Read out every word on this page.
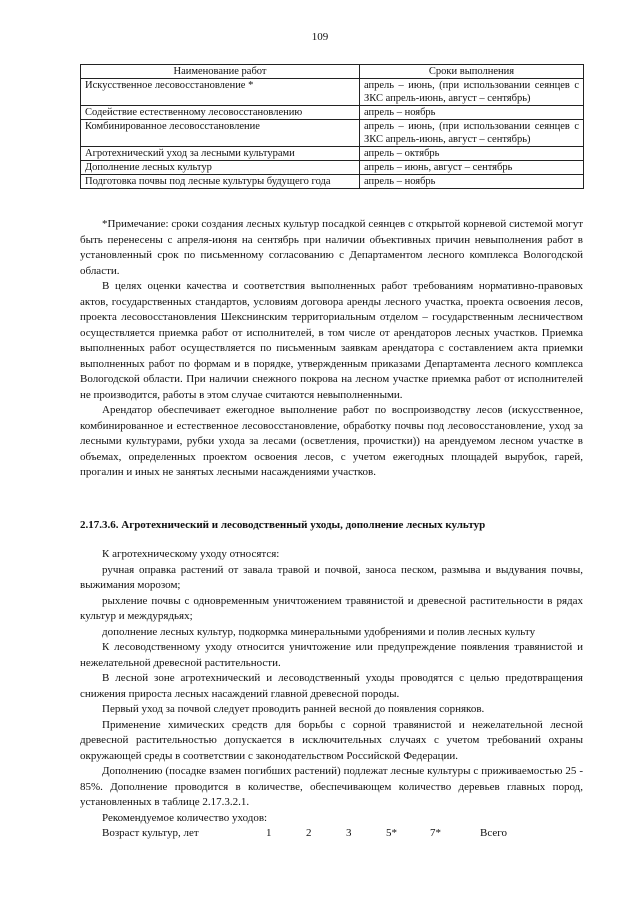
109
Наименование работ	Сроки выполнения
Искусственное лесовосстановление *	апрель – июнь, (при использовании сеянцев с ЗКС апрель-июнь, август – сентябрь)
Содействие естественному лесовосстановлению	апрель – ноябрь
Комбинированное лесовосстановление	апрель – июнь, (при использовании сеянцев с ЗКС апрель-июнь, август – сентябрь)
Агротехнический уход за лесными культурами	апрель – октябрь
Дополнение лесных культур	апрель – июнь, август – сентябрь
Подготовка почвы под лесные культуры будущего года	апрель – ноябрь

*Примечание: сроки создания лесных культур посадкой сеянцев с открытой корневой системой могут быть перенесены с апреля-июня на сентябрь при наличии объективных причин невыполнения работ в установленный срок по письменному согласованию с Департаментом лесного комплекса Вологодской области.

В целях оценки качества и соответствия выполненных работ требованиям нормативно-правовых актов, государственных стандартов, условиям договора аренды лесного участка, проекта освоения лесов, проекта лесовосстановления Шекснинским территориальным отделом – государственным лесничеством осуществляется приемка работ от исполнителей, в том числе от арендаторов лесных участков. Приемка выполненных работ осуществляется по письменным заявкам арендатора с составлением акта приемки выполненных работ по формам и в порядке, утвержденным приказами Департамента лесного комплекса Вологодской области. При наличии снежного покрова на лесном участке приемка работ от исполнителей не производится, работы в этом случае считаются невыполненными.

Арендатор обеспечивает ежегодное выполнение работ по воспроизводству лесов (искусственное, комбинированное и естественное лесовосстановление, обработку почвы под лесовосстановление, уход за лесными культурами, рубки ухода за лесами (осветления, прочистки)) на арендуемом лесном участке в объемах, определенных проектом освоения лесов, с учетом ежегодных площадей вырубок, гарей, прогалин и иных не занятых лесными насаждениями участков.

2.17.3.6. Агротехнический и лесоводственный уходы, дополнение лесных культур

К агротехническому уходу относятся:

ручная оправка растений от завала травой и почвой, заноса песком, размыва и выдувания почвы, выжимания морозом;

рыхление почвы с одновременным уничтожением травянистой и древесной растительности в рядах культур и междурядьях;

дополнение лесных культур, подкормка минеральными удобрениями и полив лесных культу

К лесоводственному уходу относится уничтожение или предупреждение появления травянистой и нежелательной древесной растительности.

В лесной зоне агротехнический и лесоводственный уходы проводятся с целью предотвращения снижения прироста лесных насаждений главной древесной породы.

Первый уход за почвой следует проводить ранней весной до появления сорняков.

Применение химических средств для борьбы с сорной травянистой и нежелательной лесной древесной растительностью допускается в исключительных случаях с учетом требований охраны окружающей среды в соответствии с законодательством Российской Федерации.

Дополнению (посадке взамен погибших растений) подлежат лесные культуры с приживаемостью 25 - 85%. Дополнение проводится в количестве, обеспечивающем количество деревьев главных пород, установленных в таблице 2.17.3.2.1.

Рекомендуемое количество уходов:

Возраст культур, лет	1	2	3	5*	7*	Всего
